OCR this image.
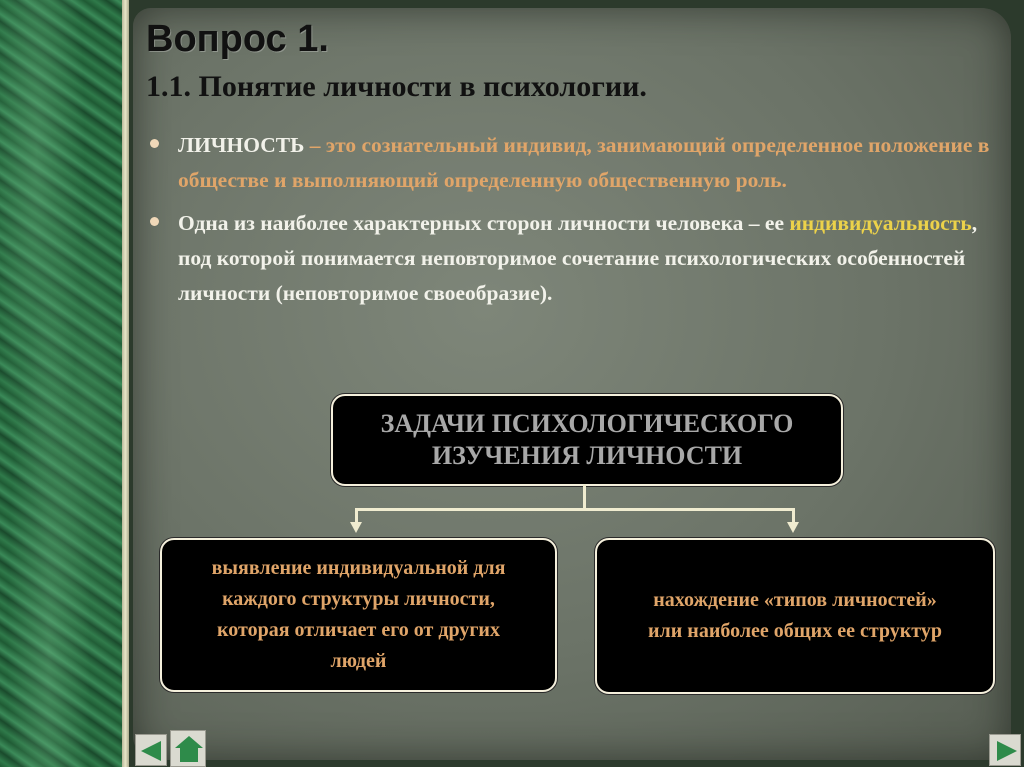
Вопрос 1.
1.1. Понятие личности в психологии.
ЛИЧНОСТЬ – это сознательный индивид, занимающий определенное положение в обществе и выполняющий определенную общественную роль.
Одна из наиболее характерных сторон личности человека – ее индивидуальность, под которой понимается неповторимое сочетание психологических особенностей личности (неповторимое своеобразие).
ЗАДАЧИ ПСИХОЛОГИЧЕСКОГО ИЗУЧЕНИЯ ЛИЧНОСТИ
выявление индивидуальной для каждого структуры личности, которая отличает его от других людей
нахождение «типов личностей» или наиболее общих ее структур
